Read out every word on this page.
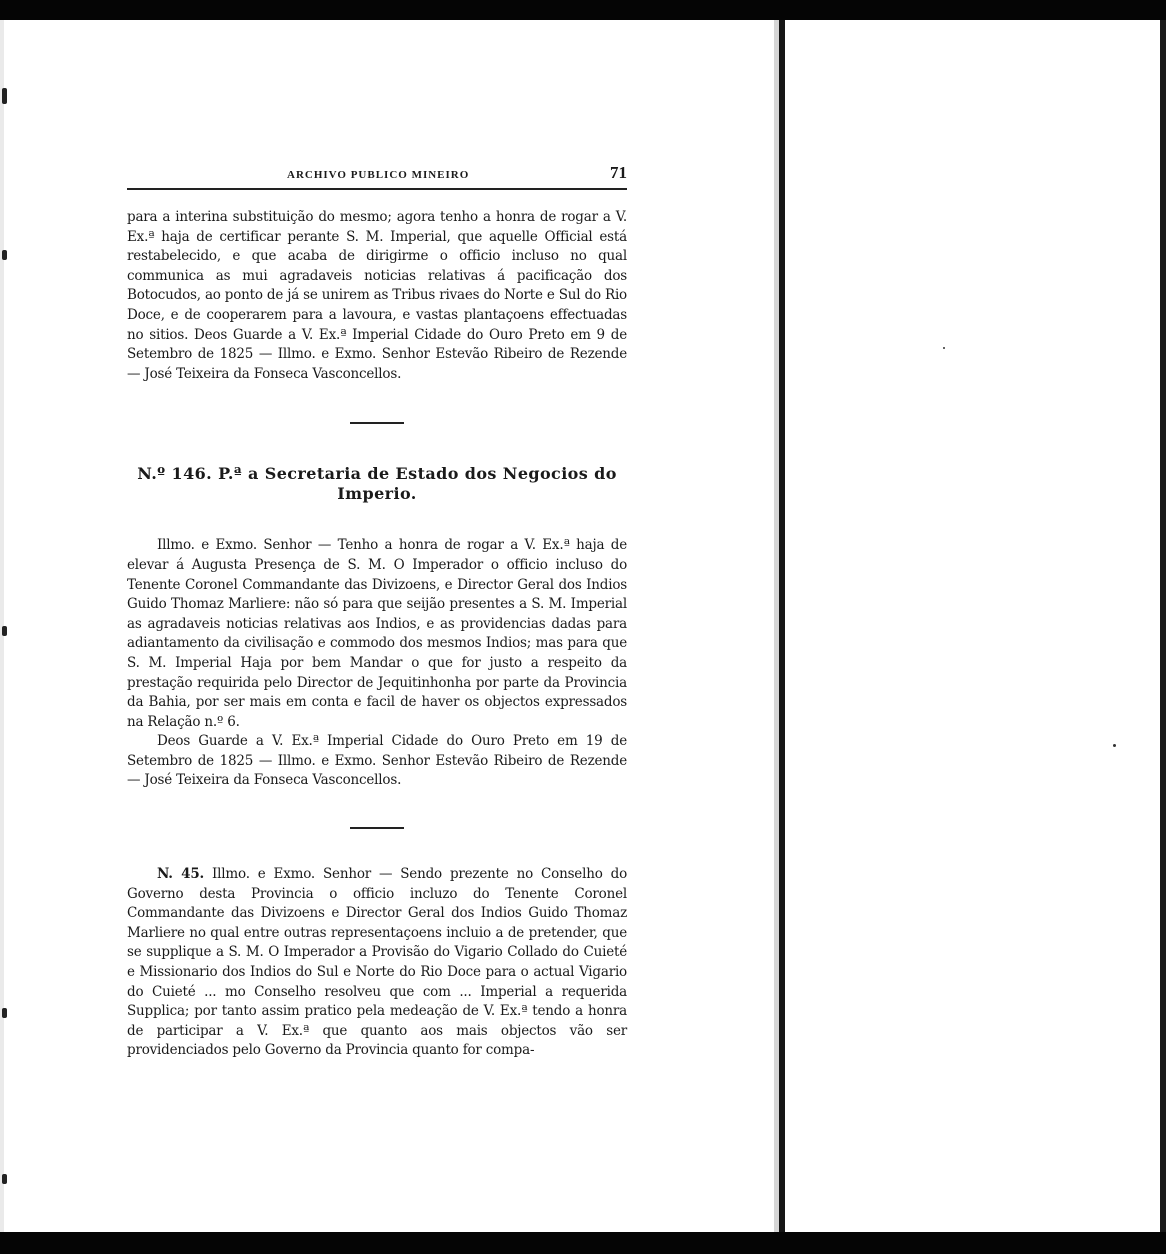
ARCHIVO PUBLICO MINEIRO	71

para a interina substituição do mesmo; agora tenho a honra de rogar a V. Ex.ª haja de certificar perante S. M. Imperial, que aquelle Official está restabelecido, e que acaba de dirigirme o officio incluso no qual communica as mui agradaveis noticias relativas á pacificação dos Botocudos, ao ponto de já se unirem as Tribus rivaes do Norte e Sul do Rio Doce, e de cooperarem para a lavoura, e vastas plantaçoens effectuadas no sitios. Deos Guarde a V. Ex.ª Imperial Cidade do Ouro Preto em 9 de Setembro de 1825 — Illmo. e Exmo. Senhor Estevão Ribeiro de Rezende — José Teixeira da Fonseca Vasconcellos.

N.º 146. P.ª a Secretaria de Estado dos Negocios do Imperio.

Illmo. e Exmo. Senhor — Tenho a honra de rogar a V. Ex.ª haja de elevar á Augusta Presença de S. M. O Imperador o officio incluso do Tenente Coronel Commandante das Divizoens, e Director Geral dos Indios Guido Thomaz Marliere: não só para que seijão presentes a S. M. Imperial as agradaveis noticias relativas aos Indios, e as providencias dadas para adiantamento da civilisação e commodo dos mesmos Indios; mas para que S. M. Imperial Haja por bem Mandar o que for justo a respeito da prestação requirida pelo Director de Jequitinhonha por parte da Provincia da Bahia, por ser mais em conta e facil de haver os objectos expressados na Relação n.º 6.

Deos Guarde a V. Ex.ª Imperial Cidade do Ouro Preto em 19 de Setembro de 1825 — Illmo. e Exmo. Senhor Estevão Ribeiro de Rezende — José Teixeira da Fonseca Vasconcellos.

N. 45. Illmo. e Exmo. Senhor — Sendo prezente no Conselho do Governo desta Provincia o officio incluzo do Tenente Coronel Commandante das Divizoens e Director Geral dos Indios Guido Thomaz Marliere no qual entre outras representaçoens incluio a de pretender, que se supplique a S. M. O Imperador a Provisão do Vigario Collado do Cuieté e Missionario dos Indios do Sul e Norte do Rio Doce para o actual Vigario do Cuieté ... mo Conselho resolveu que com ... Imperial a requerida Supplica; por tanto assim pratico pela medeação de V. Ex.ª tendo a honra de participar a V. Ex.ª que quanto aos mais objectos vão ser providenciados pelo Governo da Provincia quanto for compa-
